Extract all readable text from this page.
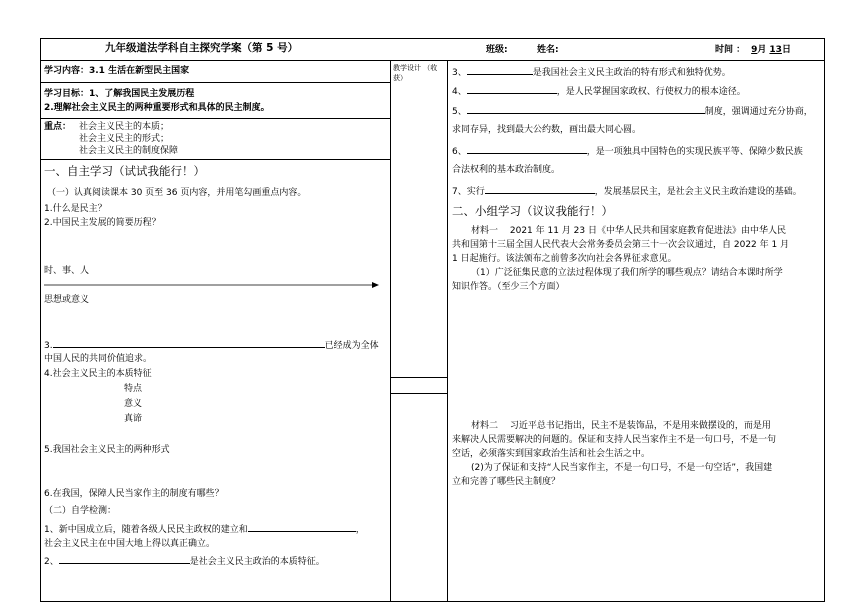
九年级道法学科自主探究学案（第 5 号）	班级:	姓名:	时间 ： 9月 13日
学习内容：3.1 生活在新型民主国家
学习目标：1、了解我国民主发展历程
2.理解社会主义民主的两种重要形式和具体的民主制度。
重点： 社会主义民主的本质；
社会主义民主的形式；
社会主义民主的制度保障
一、自主学习（试试我能行！）
（一）认真阅读课本 30 页至 36 页内容，并用笔勾画重点内容。
1.什么是民主？
2.中国民主发展的简要历程？
时、事、人
思想或意义
3.	已经成为全体
中国人民的共同价值追求。
4.社会主义民主的本质特征
特点
意义
真谛
5.我国社会主义民主的两种形式
6.在我国，保障人民当家作主的制度有哪些？
（二）自学检测：
1、新中国成立后，随着各级人民民主政权的建立和	，
社会主义民主在中国大地上得以真正确立。
2、	是社会主义民主政治的本质特征。
教学设计 （收获）	3、	是我国社会主义民主政治的特有形式和独特优势。
4、	，是人民掌握国家政权、行使权力的根本途径。
5、	制度，强调通过充分协商，
求同存异，找到最大公约数，画出最大同心圆。
6、	，是一项独具中国特色的实现民族平等、保障少数民族
合法权利的基本政治制度。
7、实行	，发展基层民主，是社会主义民主政治建设的基础。
二、小组学习（议议我能行！）
材料一　 2021 年 11 月 23 日《中华人民共和国家庭教育促进法》由中华人民
共和国第十三届全国人民代表大会常务委员会第三十一次会议通过，自 2022 年 1 月
1 日起施行。该法颁布之前曾多次向社会各界征求意见。
（1）广泛征集民意的立法过程体现了我们所学的哪些观点？请结合本课时所学
知识作答。（至少三个方面）
材料二　 习近平总书记指出，民主不是装饰品，不是用来做摆设的，而是用
来解决人民需要解决的问题的。保证和支持人民当家作主不是一句口号，不是一句
空话，必须落实到国家政治生活和社会生活之中。
(2)为了保证和支持“人民当家作主，不是一句口号，不是一句空话”，我国建
立和完善了哪些民主制度？
